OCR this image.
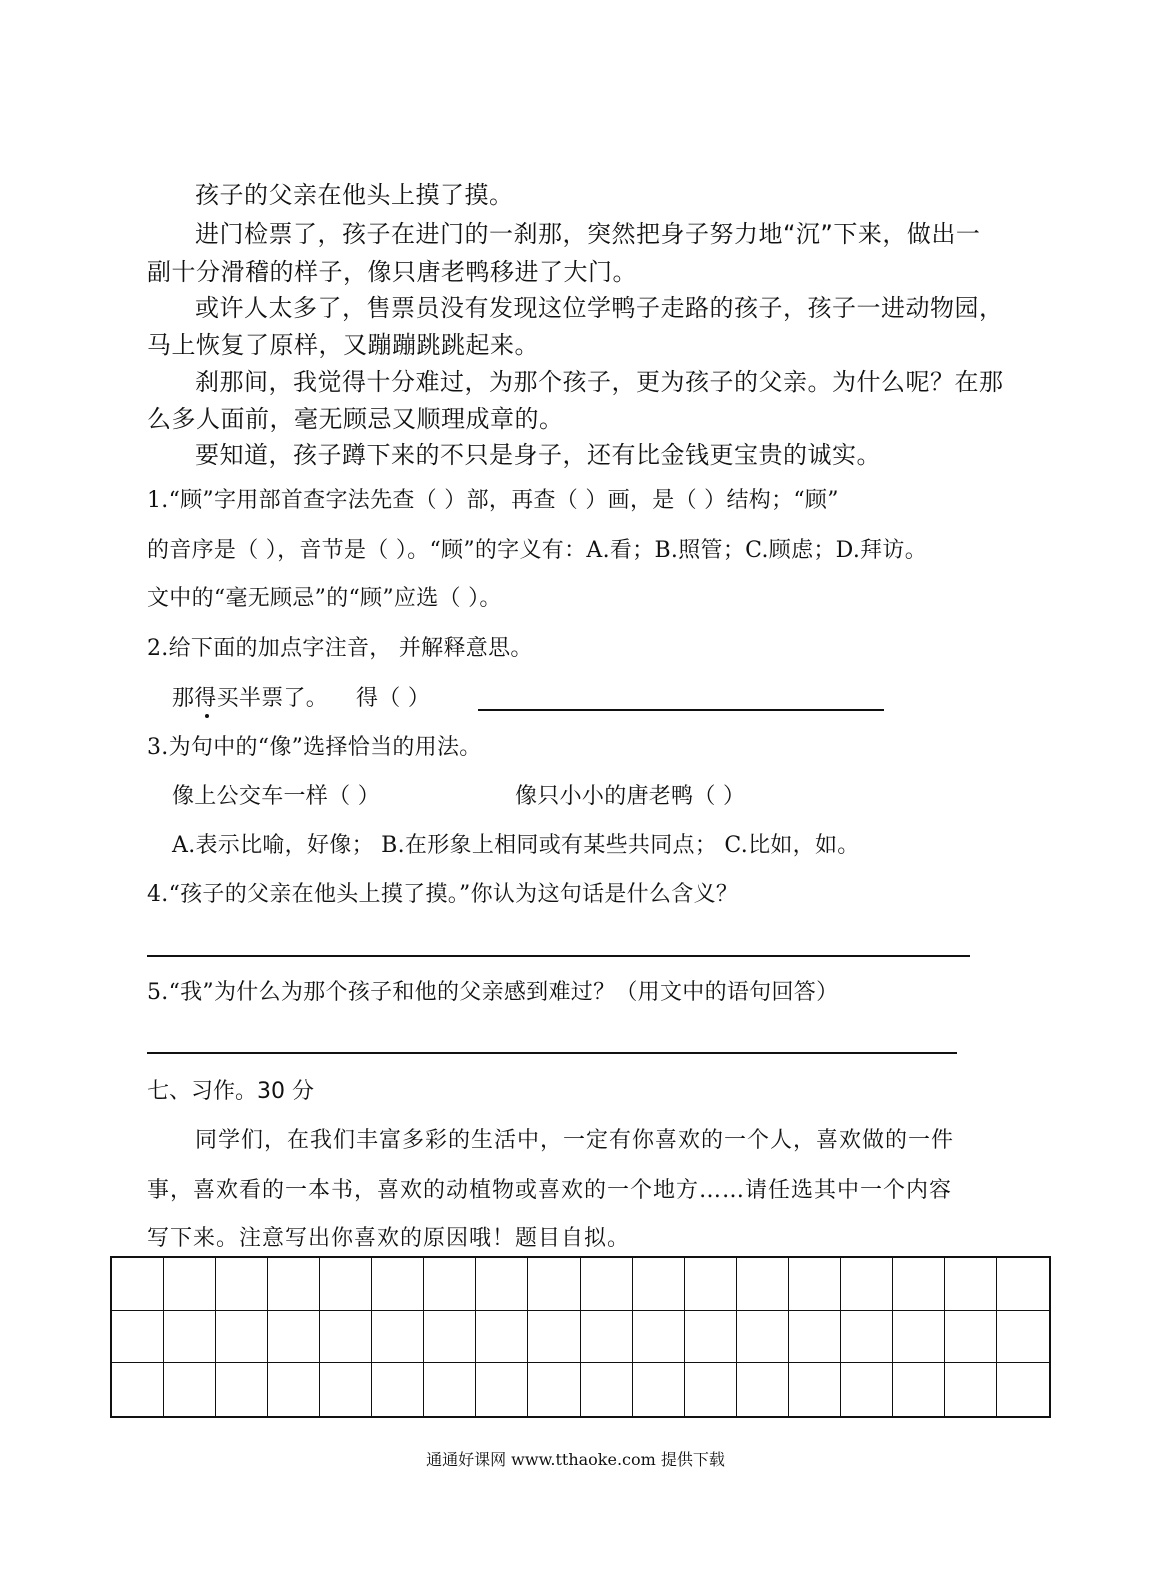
孩子的父亲在他头上摸了摸。
进门检票了，孩子在进门的一刹那，突然把身子努力地“沉”下来，做出一
副十分滑稽的样子，像只唐老鸭移进了大门。
或许人太多了，售票员没有发现这位学鸭子走路的孩子，孩子一进动物园，
马上恢复了原样，又蹦蹦跳跳起来。
刹那间，我觉得十分难过，为那个孩子，更为孩子的父亲。为什么呢？在那
么多人面前，毫无顾忌又顺理成章的。
要知道，孩子蹲下来的不只是身子，还有比金钱更宝贵的诚实。
1.“顾”字用部首查字法先查（ ）部，再查（ ）画，是（ ）结构；“顾”
的音序是（ ），音节是（ ）。“顾”的字义有：A.看；B.照管；C.顾虑；D.拜访。
文中的“毫无顾忌”的“顾”应选（ ）。
2.给下面的加点字注音， 并解释意思。
那得买半票了。 得（ ）
3.为句中的“像”选择恰当的用法。
像上公交车一样（ ）	像只小小的唐老鸭（ ）
A.表示比喻，好像； B.在形象上相同或有某些共同点； C.比如，如。
4.“孩子的父亲在他头上摸了摸。”你认为这句话是什么含义？
5.“我”为什么为那个孩子和他的父亲感到难过？（用文中的语句回答）
七、习作。30 分
同学们，在我们丰富多彩的生活中，一定有你喜欢的一个人，喜欢做的一件
事，喜欢看的一本书，喜欢的动植物或喜欢的一个地方……请任选其中一个内容
写下来。注意写出你喜欢的原因哦！题目自拟。
通通好课网 www.tthaoke.com 提供下载
